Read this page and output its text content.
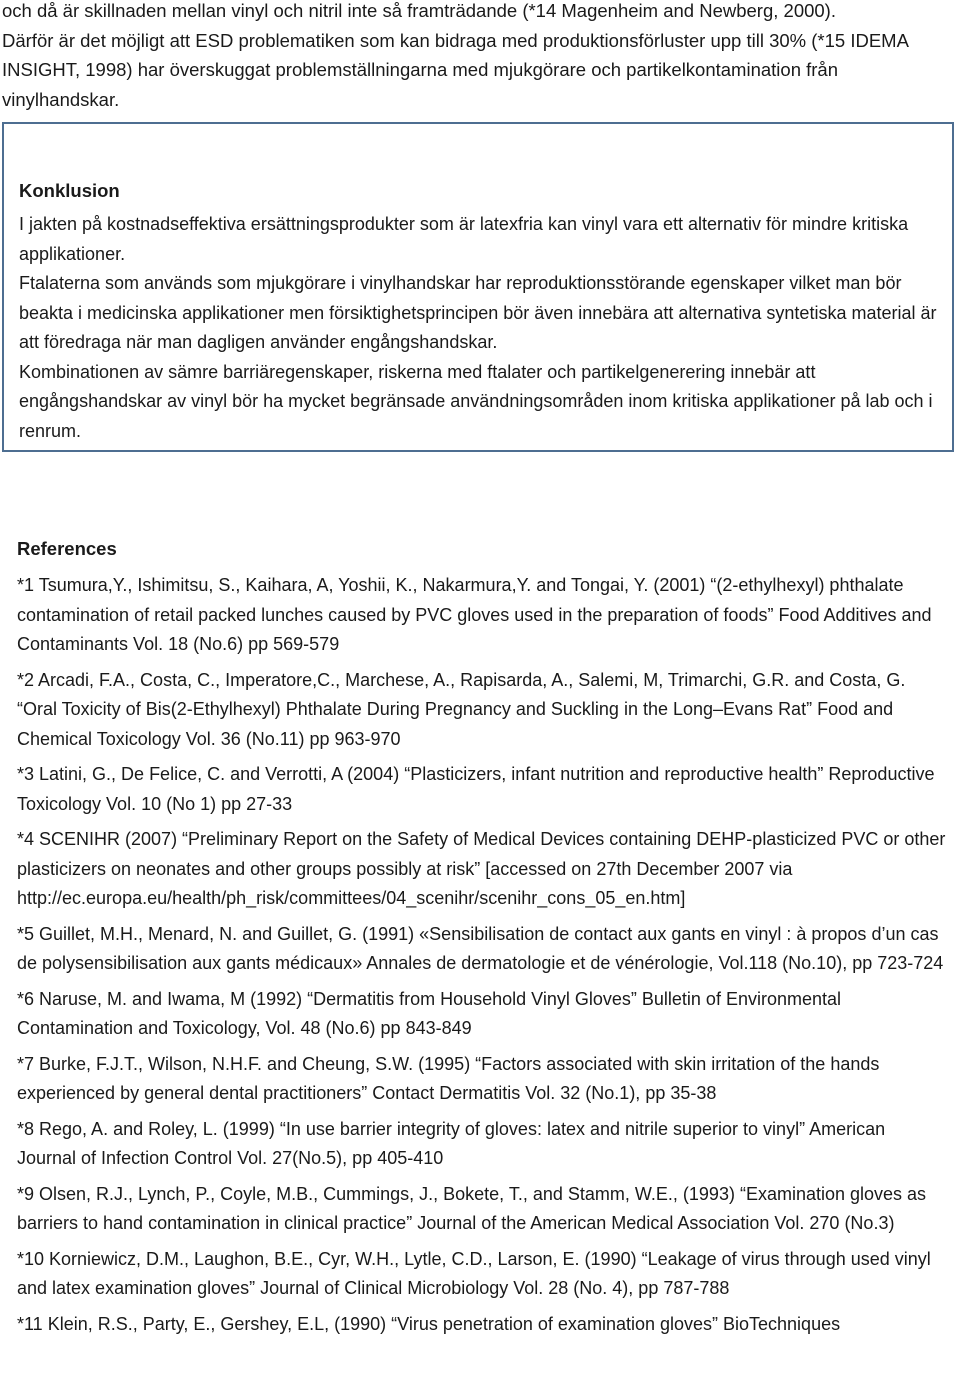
och då är skillnaden mellan vinyl och nitril inte så framträdande (*14 Magenheim and Newberg, 2000).

Därför är det möjligt att ESD problematiken som kan bidraga med produktionsförluster upp till 30% (*15 IDEMA INSIGHT, 1998) har överskuggat problemställningarna med mjukgörare och partikelkontamination från vinylhandskar.

Konklusion

I jakten på kostnadseffektiva ersättningsprodukter som är latexfria kan vinyl vara ett alternativ för mindre kritiska applikationer.

Ftalaterna som används som mjukgörare i vinylhandskar har reproduktionsstörande egenskaper vilket man bör beakta i medicinska applikationer men försiktighetsprincipen bör även innebära att alternativa syntetiska material är att föredraga när man dagligen använder engångshandskar.

Kombinationen av sämre barriäregenskaper, riskerna med ftalater och partikelgenerering innebär att engångshandskar av vinyl bör ha mycket begränsade användningsområden inom kritiska applikationer på lab och i renrum.

References
*1 Tsumura,Y., Ishimitsu, S., Kaihara, A, Yoshii, K., Nakarmura,Y. and Tongai, Y. (2001) “(2-ethylhexyl) phthalate contamination of retail packed lunches caused by PVC gloves used in the preparation of foods” Food Additives and Contaminants Vol. 18 (No.6) pp 569-579
*2 Arcadi, F.A., Costa, C., Imperatore,C., Marchese, A., Rapisarda, A., Salemi, M, Trimarchi, G.R. and Costa, G. “Oral Toxicity of Bis(2-Ethylhexyl) Phthalate During Pregnancy and Suckling in the Long–Evans Rat” Food and Chemical Toxicology Vol. 36 (No.11) pp 963-970
*3 Latini, G., De Felice, C. and Verrotti, A (2004) “Plasticizers, infant nutrition and reproductive health” Reproductive Toxicology Vol. 10 (No 1) pp 27-33
*4 SCENIHR (2007) “Preliminary Report on the Safety of Medical Devices containing DEHP-plasticized PVC or other plasticizers on neonates and other groups possibly at risk” [accessed on 27th December 2007 via http://ec.europa.eu/health/ph_risk/committees/04_scenihr/scenihr_cons_05_en.htm]
*5 Guillet, M.H., Menard, N. and Guillet, G. (1991) «Sensibilisation de contact aux gants en vinyl : à propos d’un cas de polysensibilisation aux gants médicaux» Annales de dermatologie et de vénérologie, Vol.118 (No.10), pp 723-724
*6 Naruse, M. and Iwama, M (1992) “Dermatitis from Household Vinyl Gloves” Bulletin of Environmental Contamination and Toxicology, Vol. 48 (No.6) pp 843-849
*7 Burke, F.J.T., Wilson, N.H.F. and Cheung, S.W. (1995) “Factors associated with skin irritation of the hands experienced by general dental practitioners” Contact Dermatitis Vol. 32 (No.1), pp 35-38
*8 Rego, A. and Roley, L. (1999) “In use barrier integrity of gloves: latex and nitrile superior to vinyl” American Journal of Infection Control Vol. 27(No.5), pp 405-410
*9 Olsen, R.J., Lynch, P., Coyle, M.B., Cummings, J., Bokete, T., and Stamm, W.E., (1993) “Examination gloves as barriers to hand contamination in clinical practice” Journal of the American Medical Association Vol. 270 (No.3)
*10 Korniewicz, D.M., Laughon, B.E., Cyr, W.H., Lytle, C.D., Larson, E. (1990) “Leakage of virus through used vinyl and latex examination gloves” Journal of Clinical Microbiology Vol. 28 (No. 4), pp 787-788
*11 Klein, R.S., Party, E., Gershey, E.L, (1990) “Virus penetration of examination gloves” BioTechniques
